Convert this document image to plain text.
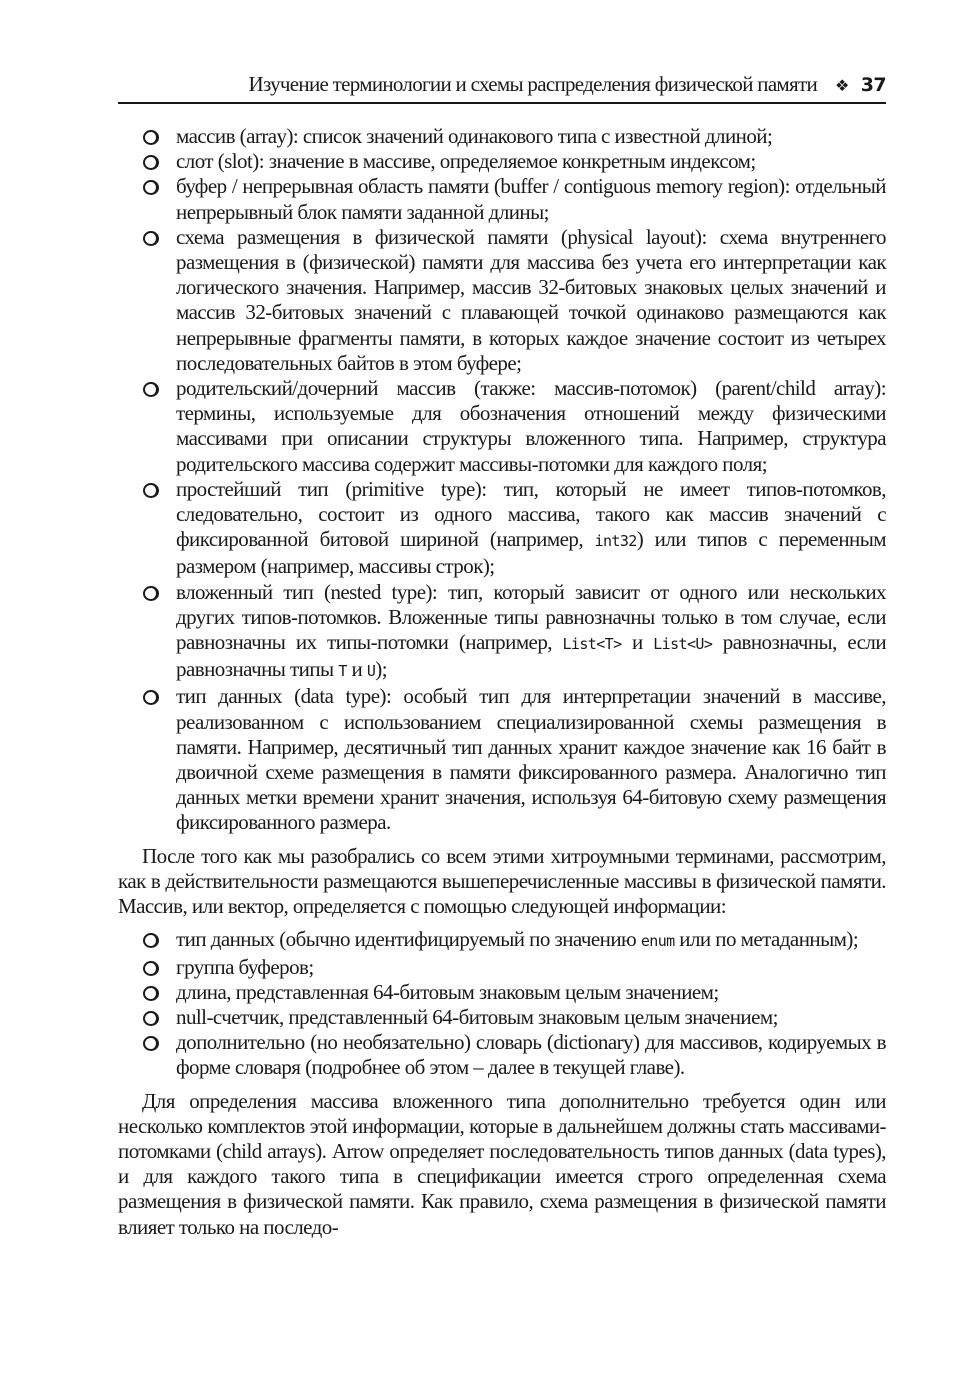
Изучение терминологии и схемы распределения физической памяти ❖ 37
массив (array): список значений одинакового типа с известной длиной;
слот (slot): значение в массиве, определяемое конкретным индексом;
буфер / непрерывная область памяти (buffer / contiguous memory region): отдельный непрерывный блок памяти заданной длины;
схема размещения в физической памяти (physical layout): схема внутреннего размещения в (физической) памяти для массива без учета его интерпретации как логического значения. Например, массив 32-битовых знаковых целых значений и массив 32-битовых значений с плавающей точкой одинаково размещаются как непрерывные фрагменты памяти, в которых каждое значение состоит из четырех последовательных байтов в этом буфере;
родительский/дочерний массив (также: массив-потомок) (parent/child array): термины, используемые для обозначения отношений между физическими массивами при описании структуры вложенного типа. Например, структура родительского массива содержит массивы-потомки для каждого поля;
простейший тип (primitive type): тип, который не имеет типов-потомков, следовательно, состоит из одного массива, такого как массив значений с фиксированной битовой шириной (например, int32) или типов с переменным размером (например, массивы строк);
вложенный тип (nested type): тип, который зависит от одного или нескольких других типов-потомков. Вложенные типы равнозначны только в том случае, если равнозначны их типы-потомки (например, List<T> и List<U> равнозначны, если равнозначны типы T и U);
тип данных (data type): особый тип для интерпретации значений в массиве, реализованном с использованием специализированной схемы размещения в памяти. Например, десятичный тип данных хранит каждое значение как 16 байт в двоичной схеме размещения в памяти фиксированного размера. Аналогично тип данных метки времени хранит значения, используя 64-битовую схему размещения фиксированного размера.

После того как мы разобрались со всем этими хитроумными терминами, рассмотрим, как в действительности размещаются вышеперечисленные массивы в физической памяти. Массив, или вектор, определяется с помощью следующей информации:

тип данных (обычно идентифицируемый по значению enum или по метаданным);
группа буферов;
длина, представленная 64-битовым знаковым целым значением;
null-счетчик, представленный 64-битовым знаковым целым значением;
дополнительно (но необязательно) словарь (dictionary) для массивов, кодируемых в форме словаря (подробнее об этом – далее в текущей главе).

Для определения массива вложенного типа дополнительно требуется один или несколько комплектов этой информации, которые в дальнейшем должны стать массивами-потомками (child arrays). Arrow определяет последовательность типов данных (data types), и для каждого такого типа в спецификации имеется строго определенная схема размещения в физической памяти. Как правило, схема размещения в физической памяти влияет только на последо-
